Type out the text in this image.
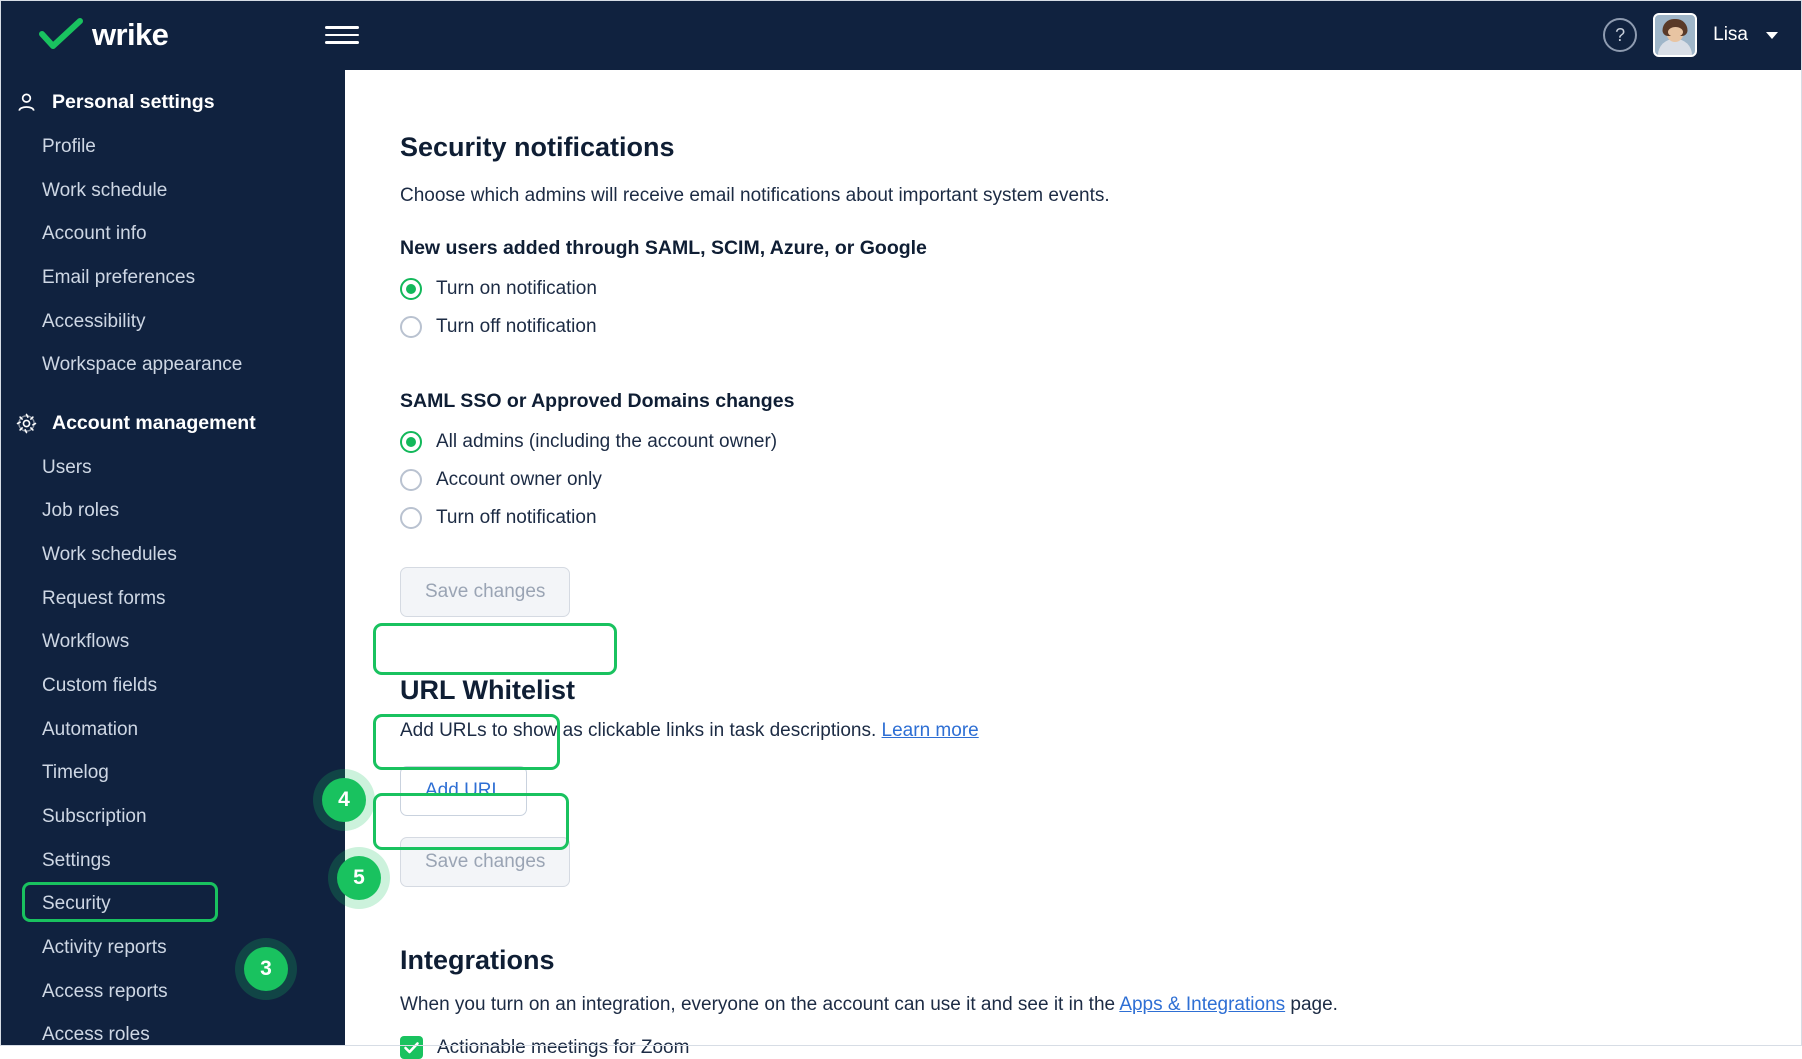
wrike	?	Lisa
Personal settings
Profile
Work schedule
Account info
Email preferences
Accessibility
Workspace appearance
Account management
Users
Job roles
Work schedules
Request forms
Workflows
Custom fields
Automation
Timelog
Subscription
Settings
Security
Activity reports
Access reports
Access roles
Security notifications

Choose which admins will receive email notifications about important system events.

New users added through SAML, SCIM, Azure, or Google
Turn on notification
Turn off notification
SAML SSO or Approved Domains changes
All admins (including the account owner)
Account owner only
Turn off notification
Save changes
URL Whitelist

Add URLs to show as clickable links in task descriptions. Learn more

Add URL
Save changes
Integrations

When you turn on an integration, everyone on the account can use it and see it in the Apps & Integrations page.

Actionable meetings for Zoom
4
5
3
